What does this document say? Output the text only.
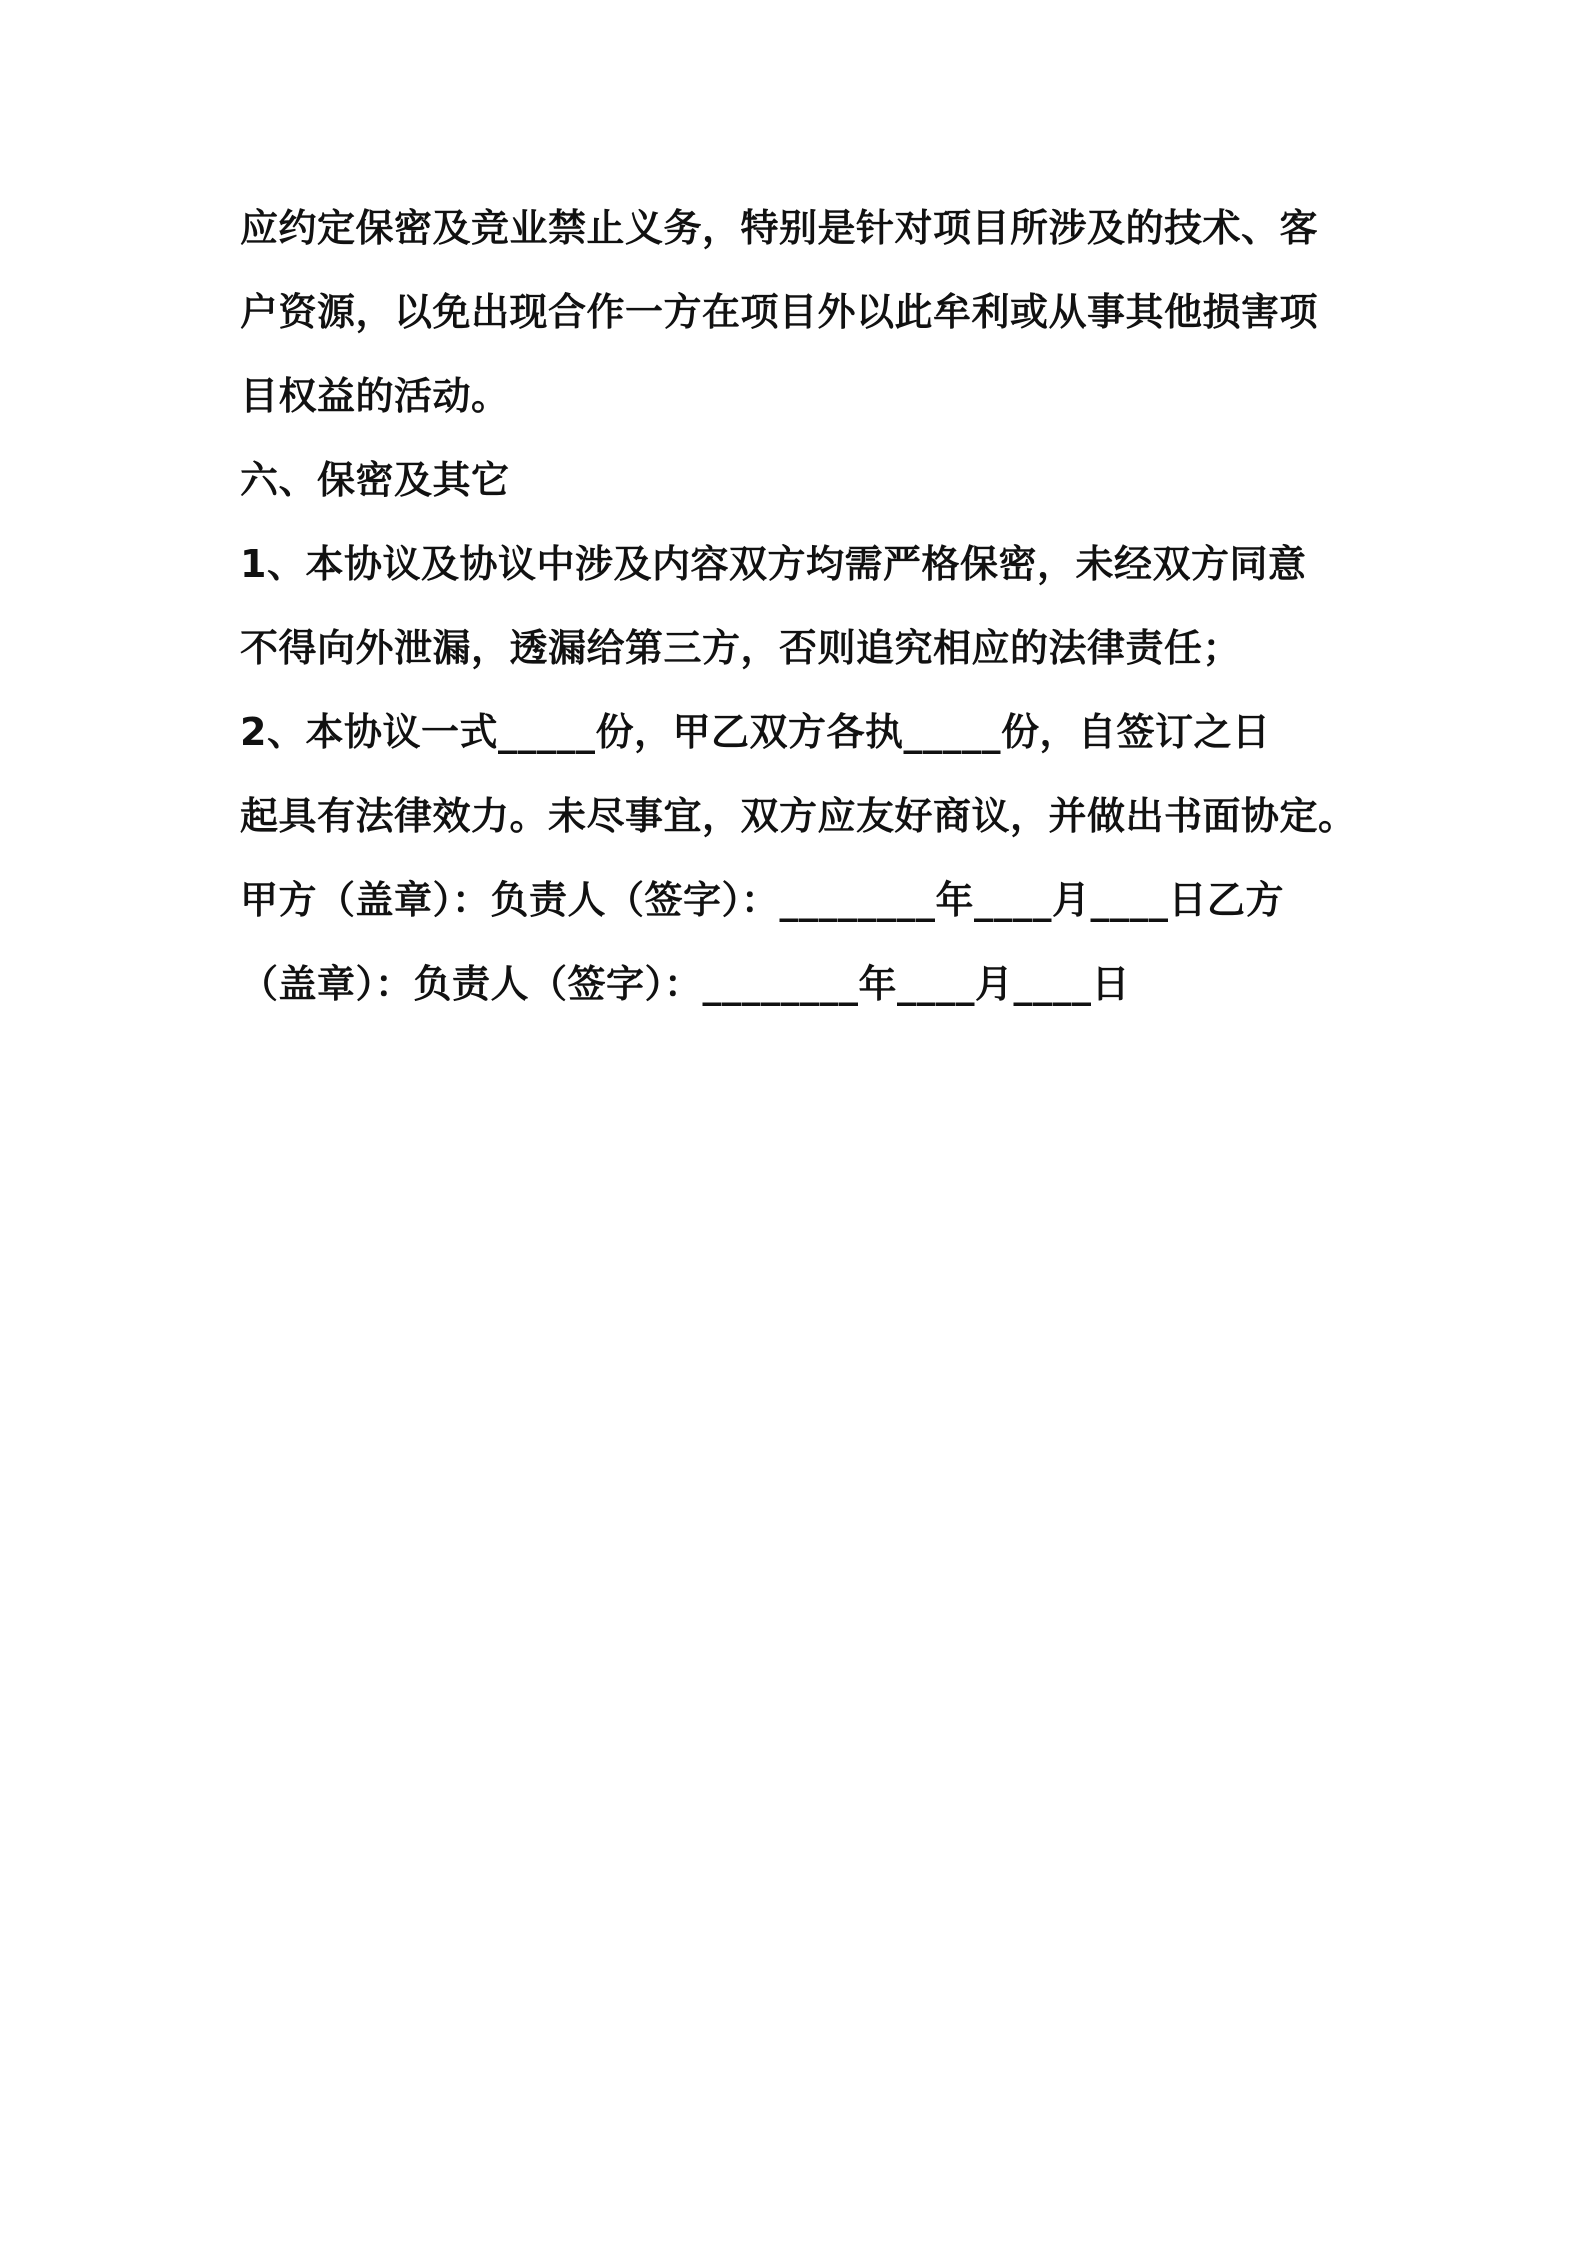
应约定保密及竞业禁止义务，特别是针对项目所涉及的技术、客
户资源，以免出现合作一方在项目外以此牟利或从事其他损害项
目权益的活动。
六、保密及其它
1、本协议及协议中涉及内容双方均需严格保密，未经双方同意
不得向外泄漏，透漏给第三方，否则追究相应的法律责任；
2、本协议一式_____份，甲乙双方各执_____份，自签订之日
起具有法律效力。未尽事宜，双方应友好商议，并做出书面协定。
甲方（盖章）：负责人（签字）：________年____月____日乙方
（盖章）：负责人（签字）：________年____月____日
